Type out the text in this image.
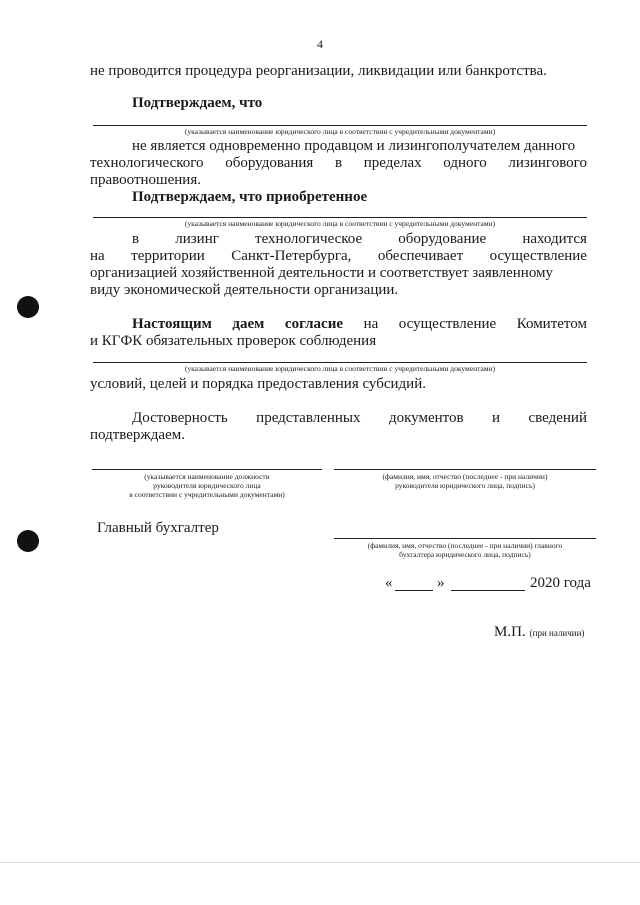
4
не проводится процедура реорганизации, ликвидации или банкротства.
Подтверждаем, что
(указывается наименование юридического лица в соответствии с учредительными документами)
не является одновременно продавцом и лизингополучателем данного
технологического оборудования в пределах одного лизингового
правоотношения.
Подтверждаем, что приобретенное
(указывается наименование юридического лица в соответствии с учредительными документами)
в лизинг технологическое оборудование находится
на территории Санкт-Петербурга, обеспечивает осуществление
организацией хозяйственной деятельности и соответствует заявленному
виду экономической деятельности организации.
Настоящим даем согласие на осуществление Комитетом
и КГФК обязательных проверок соблюдения
(указывается наименование юридического лица в соответствии с учредительными документами)
условий, целей и порядка предоставления субсидий.
Достоверность представленных документов и сведений
подтверждаем.
(указывается наименование должности
руководителя юридического лица
в соответствии с учредительными документами)
(фамилия, имя, отчество (последнее - при наличии)
руководителя юридического лица, подпись)
Главный бухгалтер
(фамилия, имя, отчество (последнее - при наличии) главного
бухгалтера юридического лица, подпись)
«	»	2020 года
М.П. (при наличии)
